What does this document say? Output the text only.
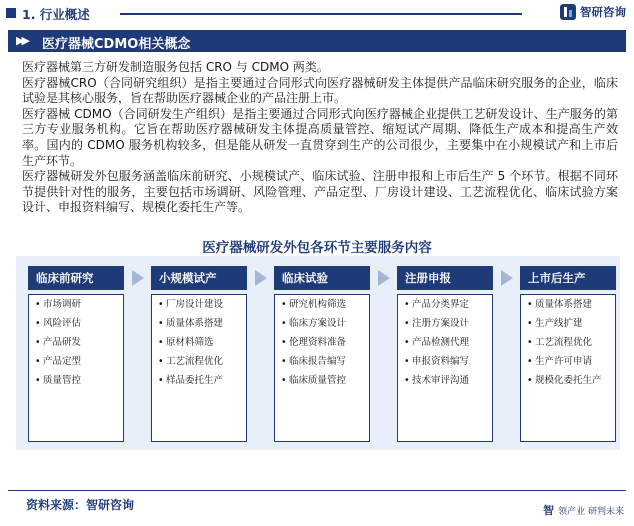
1. 行业概述	智研咨询
▶▶ 医疗器械CDMO相关概念

医疗器械第三方研发制造服务包括 CRO 与 CDMO 两类。

医疗器械CRO（合同研究组织）是指主要通过合同形式向医疗器械研发主体提供产品临床研究服务的企业，临床试验是其核心服务，旨在帮助医疗器械企业的产品注册上市。

医疗器械 CDMO（合同研发生产组织）是指主要通过合同形式向医疗器械企业提供工艺研发设计、生产服务的第三方专业服务机构。它旨在帮助医疗器械研发主体提高质量管控、缩短试产周期、降低生产成本和提高生产效率。国内的 CDMO 服务机构较多，但是能从研发一直贯穿到生产的公司很少，主要集中在小规模试产和上市后生产环节。

医疗器械研发外包服务涵盖临床前研究、小规模试产、临床试验、注册申报和上市后生产 5 个环节。根据不同环节提供针对性的服务，主要包括市场调研、风险管理、产品定型、厂房设计建设、工艺流程优化、临床试验方案设计、申报资料编写、规模化委托生产等。

医疗器械研发外包各环节主要服务内容
临床前研究
• 市场调研
• 风险评估
• 产品研发
• 产品定型
• 质量管控
小规模试产
• 厂房设计建设
• 质量体系搭建
• 原材料筛选
• 工艺流程优化
• 样品委托生产
临床试验
• 研究机构筛选
• 临床方案设计
• 伦理资料准备
• 临床报告编写
• 临床质量管控
注册申报
• 产品分类界定
• 注册方案设计
• 产品检测代理
• 申报资料编写
• 技术审评沟通
上市后生产
• 质量体系搭建
• 生产线扩建
• 工艺流程优化
• 生产许可申请
• 规模化委托生产
资料来源：智研咨询	智 领产业 研判未来
